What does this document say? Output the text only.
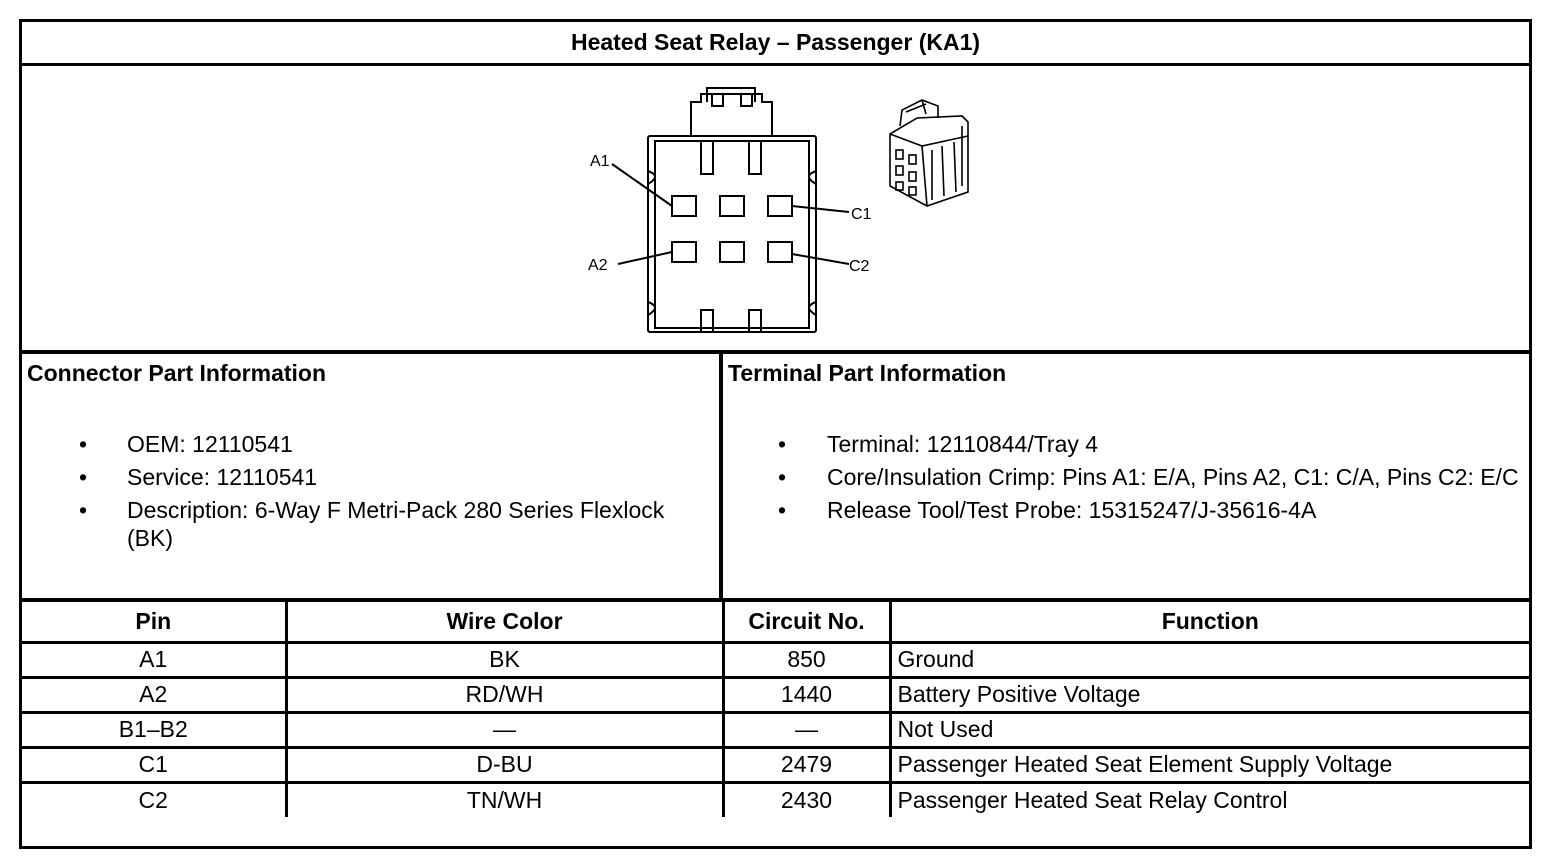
Heated Seat Relay – Passenger (KA1)
A1
A2
C1
C2
Connector Part Information
• OEM: 12110541
• Service: 12110541
• Description: 6-Way F Metri-Pack 280 Series Flexlock (BK)
Terminal Part Information
• Terminal: 12110844/Tray 4
• Core/Insulation Crimp: Pins A1: E/A, Pins A2, C1: C/A, Pins C2: E/C
• Release Tool/Test Probe: 15315247/J-35616-4A
Pin	Wire Color	Circuit No.	Function
A1	BK	850	Ground
A2	RD/WH	1440	Battery Positive Voltage
B1–B2	—	—	Not Used
C1	D-BU	2479	Passenger Heated Seat Element Supply Voltage
C2	TN/WH	2430	Passenger Heated Seat Relay Control
